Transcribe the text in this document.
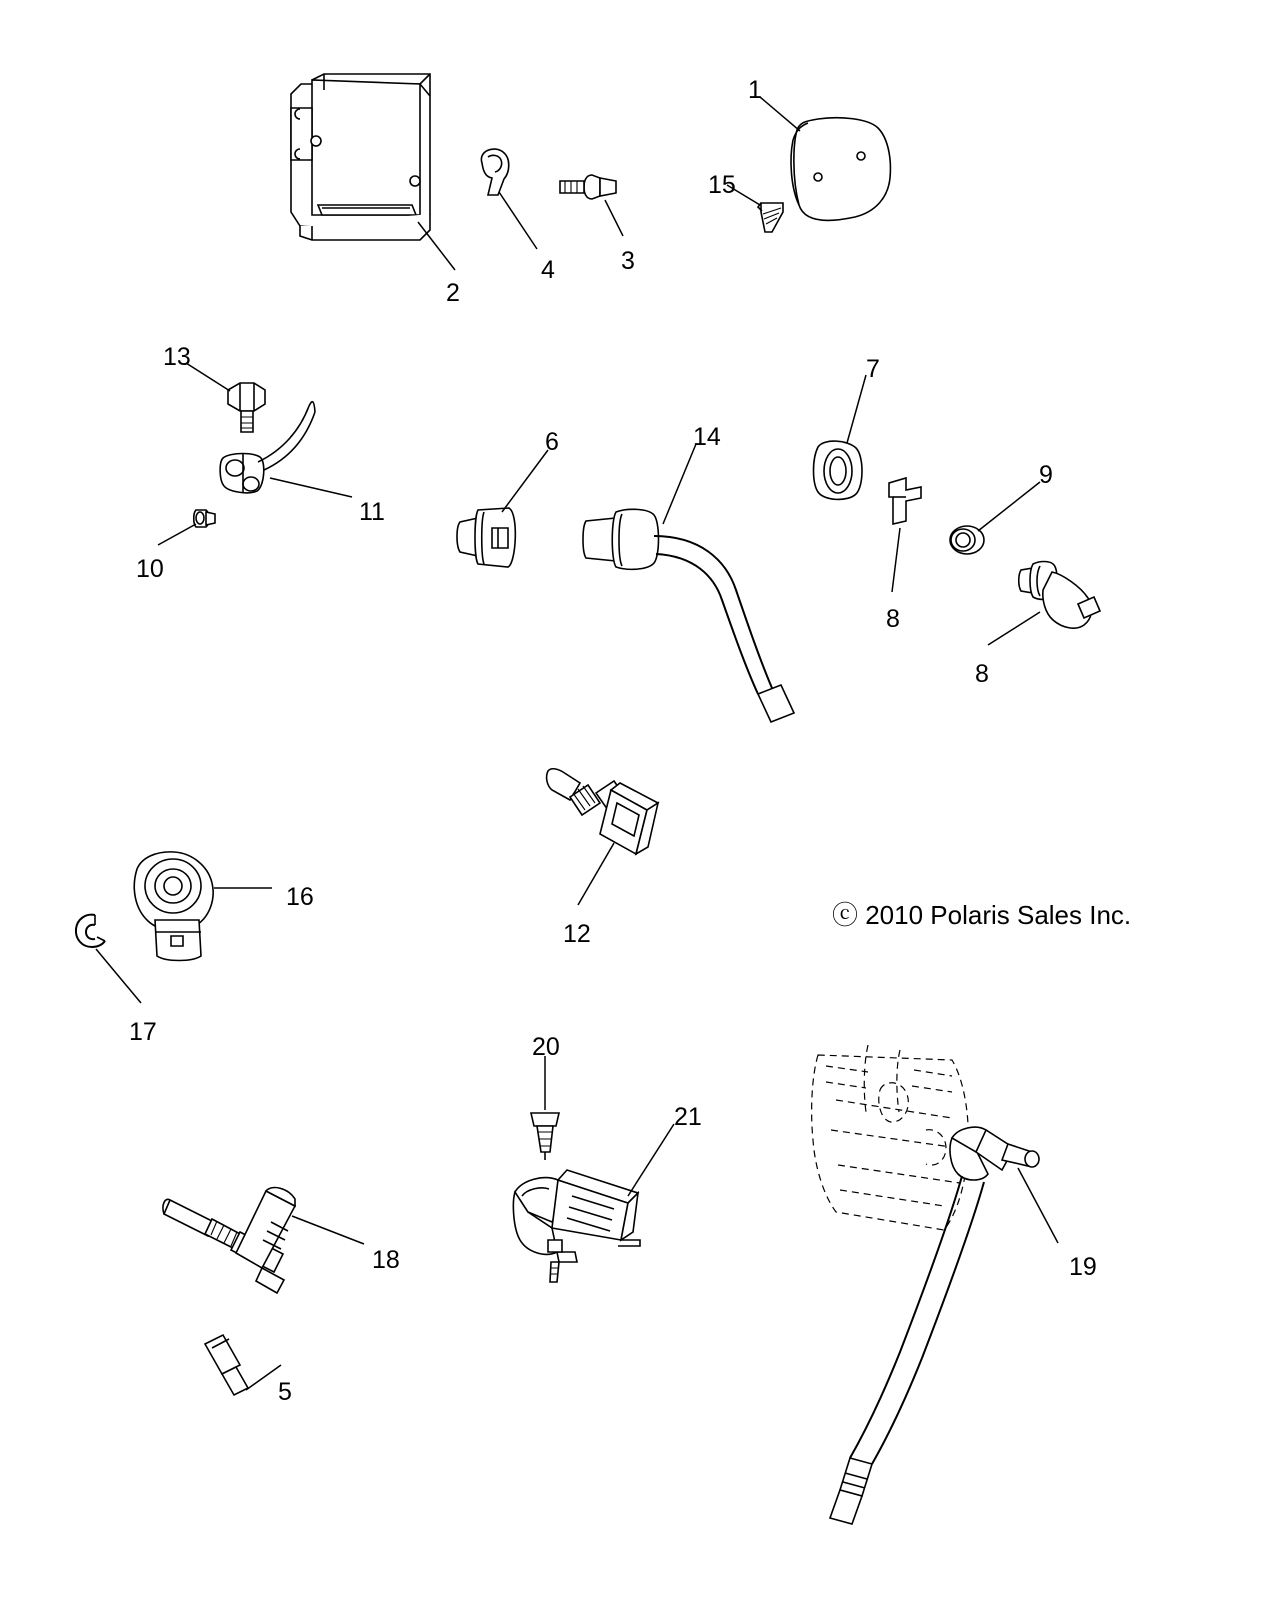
1
2
3
4
5
6
7
8
8
9
10
11
12
13
14
15
16
17
18	19
20
21
ⓒ 2010 Polaris Sales Inc.
